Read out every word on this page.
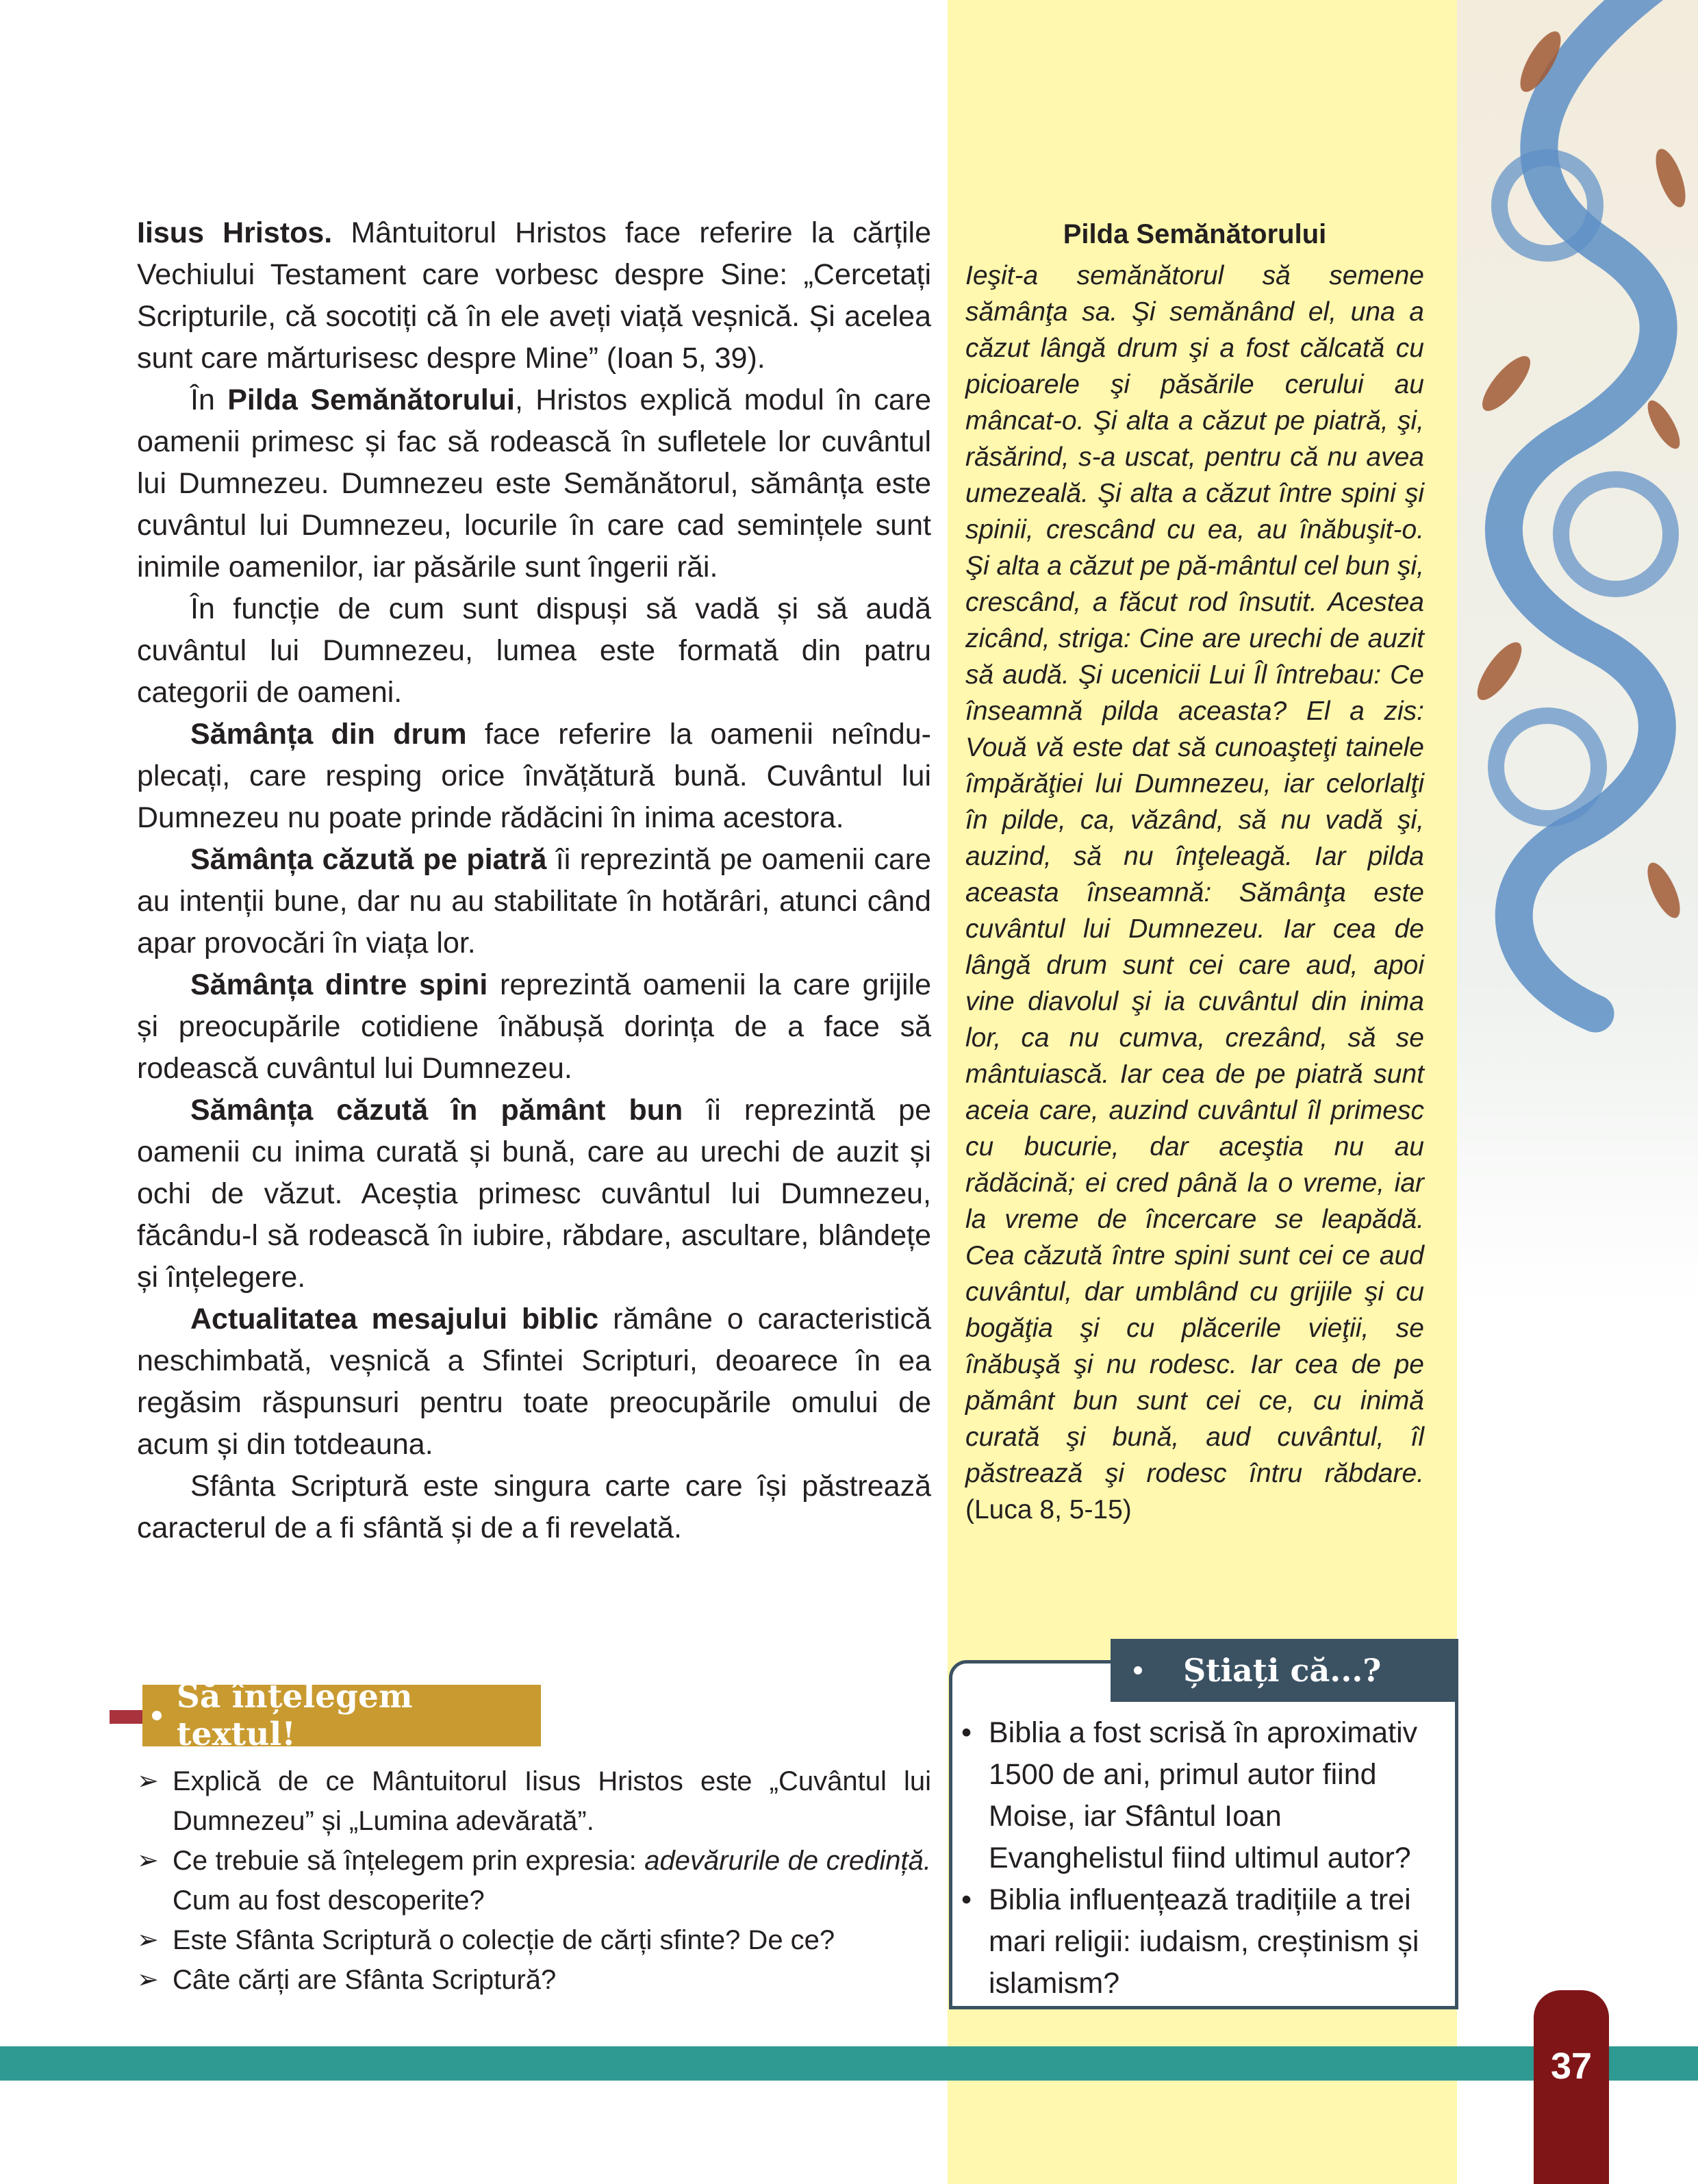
Iisus Hristos. Mântuitorul Hristos face referire la cărțile Vechiului Testament care vorbesc despre Sine: „Cercetați Scripturile, că socotiți că în ele aveți viață veșnică. Și acelea sunt care mărturisesc despre Mine” (Ioan 5, 39).

În Pilda Semănătorului, Hristos explică modul în care oamenii primesc și fac să rodească în sufletele lor cuvântul lui Dumnezeu. Dumnezeu este Semănătorul, sămânța este cuvântul lui Dumnezeu, locurile în care cad semințele sunt inimile oamenilor, iar păsările sunt îngerii răi.

În funcție de cum sunt dispuși să vadă și să audă cuvântul lui Dumnezeu, lumea este formată din patru categorii de oameni.

Sămânța din drum face referire la oamenii neîndu-plecați, care resping orice învățătură bună. Cuvântul lui Dumnezeu nu poate prinde rădăcini în inima acestora.

Sămânța căzută pe piatră îi reprezintă pe oamenii care au intenții bune, dar nu au stabilitate în hotărâri, atunci când apar provocări în viața lor.

Sămânța dintre spini reprezintă oamenii la care grijile și preocupările cotidiene înăbușă dorința de a face să rodească cuvântul lui Dumnezeu.

Sămânța căzută în pământ bun îi reprezintă pe oamenii cu inima curată și bună, care au urechi de auzit și ochi de văzut. Aceștia primesc cuvântul lui Dumnezeu, făcându-l să rodească în iubire, răbdare, ascultare, blândețe și înțelegere.

Actualitatea mesajului biblic rămâne o caracteristică neschimbată, veșnică a Sfintei Scripturi, deoarece în ea regăsim răspunsuri pentru toate preocupările omului de acum și din totdeauna.

Sfânta Scriptură este singura carte care își păstrează caracterul de a fi sfântă și de a fi revelată.

Pilda Semănătorului

Ieşit-a semănătorul să semene sămânţa sa. Şi semănând el, una a căzut lângă drum şi a fost călcată cu picioarele şi păsările cerului au mâncat-o. Şi alta a căzut pe piatră, şi, răsărind, s-a uscat, pentru că nu avea umezeală. Şi alta a căzut între spini şi spinii, crescând cu ea, au înăbuşit-o. Şi alta a căzut pe pă-mântul cel bun şi, crescând, a făcut rod însutit. Acestea zicând, striga: Cine are urechi de auzit să audă. Şi ucenicii Lui Îl întrebau: Ce înseamnă pilda aceasta? El a zis: Vouă vă este dat să cunoaşteţi tainele împărăţiei lui Dumnezeu, iar celorlalţi în pilde, ca, văzând, să nu vadă şi, auzind, să nu înţeleagă. Iar pilda aceasta înseamnă: Sămânţa este cuvântul lui Dumnezeu. Iar cea de lângă drum sunt cei care aud, apoi vine diavolul şi ia cuvântul din inima lor, ca nu cumva, crezând, să se mântuiască. Iar cea de pe piatră sunt aceia care, auzind cuvântul îl primesc cu bucurie, dar aceştia nu au rădăcină; ei cred până la o vreme, iar la vreme de încercare se leapădă. Cea căzută între spini sunt cei ce aud cuvântul, dar umblând cu grijile şi cu bogăţia şi cu plăcerile vieţii, se înăbuşă şi nu rodesc. Iar cea de pe pământ bun sunt cei ce, cu inimă curată şi bună, aud cuvântul, îl păstrează şi rodesc întru răbdare. (Luca 8, 5-15)

Să înțelegem textul!
➢ Explică de ce Mântuitorul Iisus Hristos este „Cuvântul lui Dumnezeu” și „Lumina adevărată”.
➢ Ce trebuie să înțelegem prin expresia: adevărurile de credință. Cum au fost descoperite?
➢ Este Sfânta Scriptură o colecție de cărți sfinte? De ce?
➢ Câte cărți are Sfânta Scriptură?
Știați că...?
• Biblia a fost scrisă în aproximativ 1500 de ani, primul autor fiind Moise, iar Sfântul Ioan Evanghelistul fiind ultimul autor?
• Biblia influențează tradițiile a trei mari religii: iudaism, creștinism și islamism?
37
